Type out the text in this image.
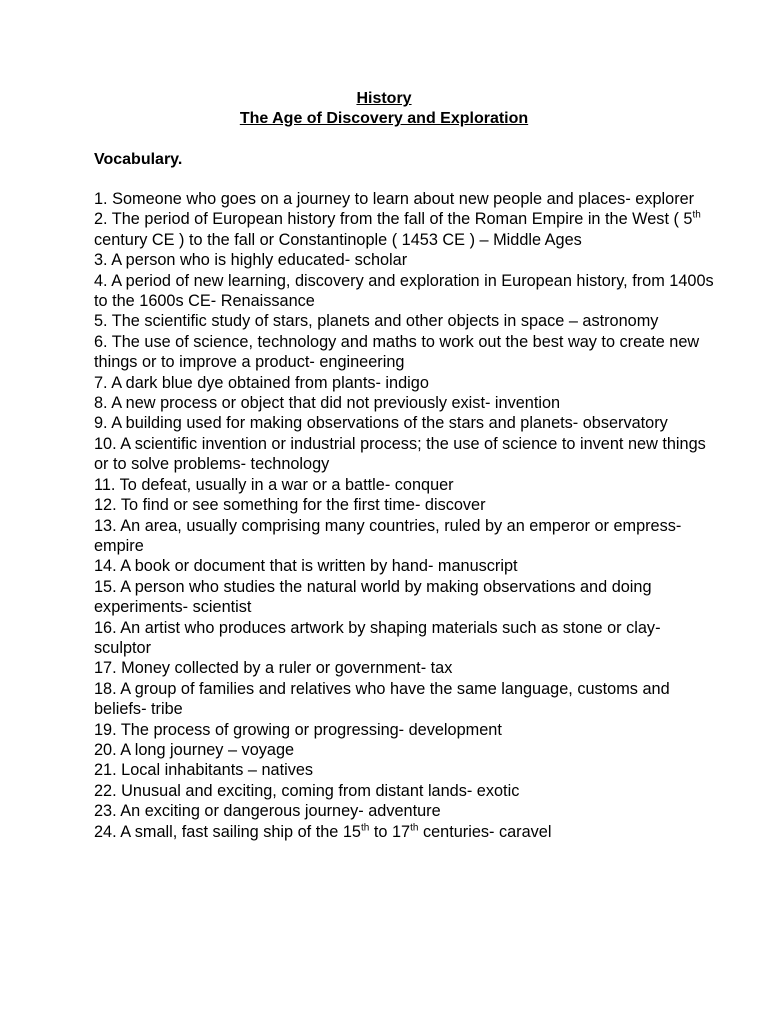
History
The Age of Discovery and Exploration
Vocabulary.
1. Someone who goes on a journey to learn about new people and places- explorer
2. The period of European history from the fall of the Roman Empire in the West ( 5th century CE ) to the fall or Constantinople ( 1453 CE ) – Middle Ages
3. A person who is highly educated- scholar
4. A period of new learning, discovery and exploration in European history, from 1400s to the 1600s CE- Renaissance
5. The scientific study of stars, planets and other objects in space – astronomy
6. The use of science, technology and maths to work out the best way to create new things or to improve a product- engineering
7. A dark blue dye obtained from plants- indigo
8. A new process or object that did not previously exist- invention
9. A building used for making observations of the stars and planets- observatory
10. A scientific invention or industrial process; the use of science to invent new things or to solve problems- technology
11. To defeat, usually in a war or a battle- conquer
12. To find or see something for the first time- discover
13. An area, usually comprising many countries, ruled by an emperor or empress- empire
14. A book or document that is written by hand- manuscript
15. A person who studies the natural world by making observations and doing experiments- scientist
16. An artist who produces artwork by shaping materials such as stone or clay- sculptor
17. Money collected by a ruler or government- tax
18. A group of families and relatives who have the same language, customs and beliefs- tribe
19. The process of growing or progressing- development
20. A long journey – voyage
21. Local inhabitants – natives
22. Unusual and exciting, coming from distant lands- exotic
23. An exciting or dangerous journey- adventure
24. A small, fast sailing ship of the 15th to 17th centuries- caravel
